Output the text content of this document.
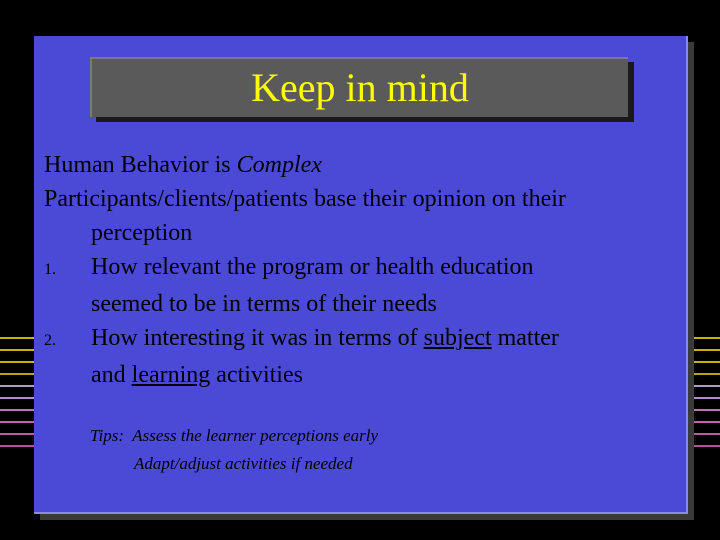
Keep in mind
Human Behavior is Complex
Participants/clients/patients base their opinion on their
perception
1. How relevant the program or health education
seemed to be in terms of their needs
2. How interesting it was in terms of subject matter
and learning activities
Tips:  Assess the learner perceptions early
Adapt/adjust activities if needed
